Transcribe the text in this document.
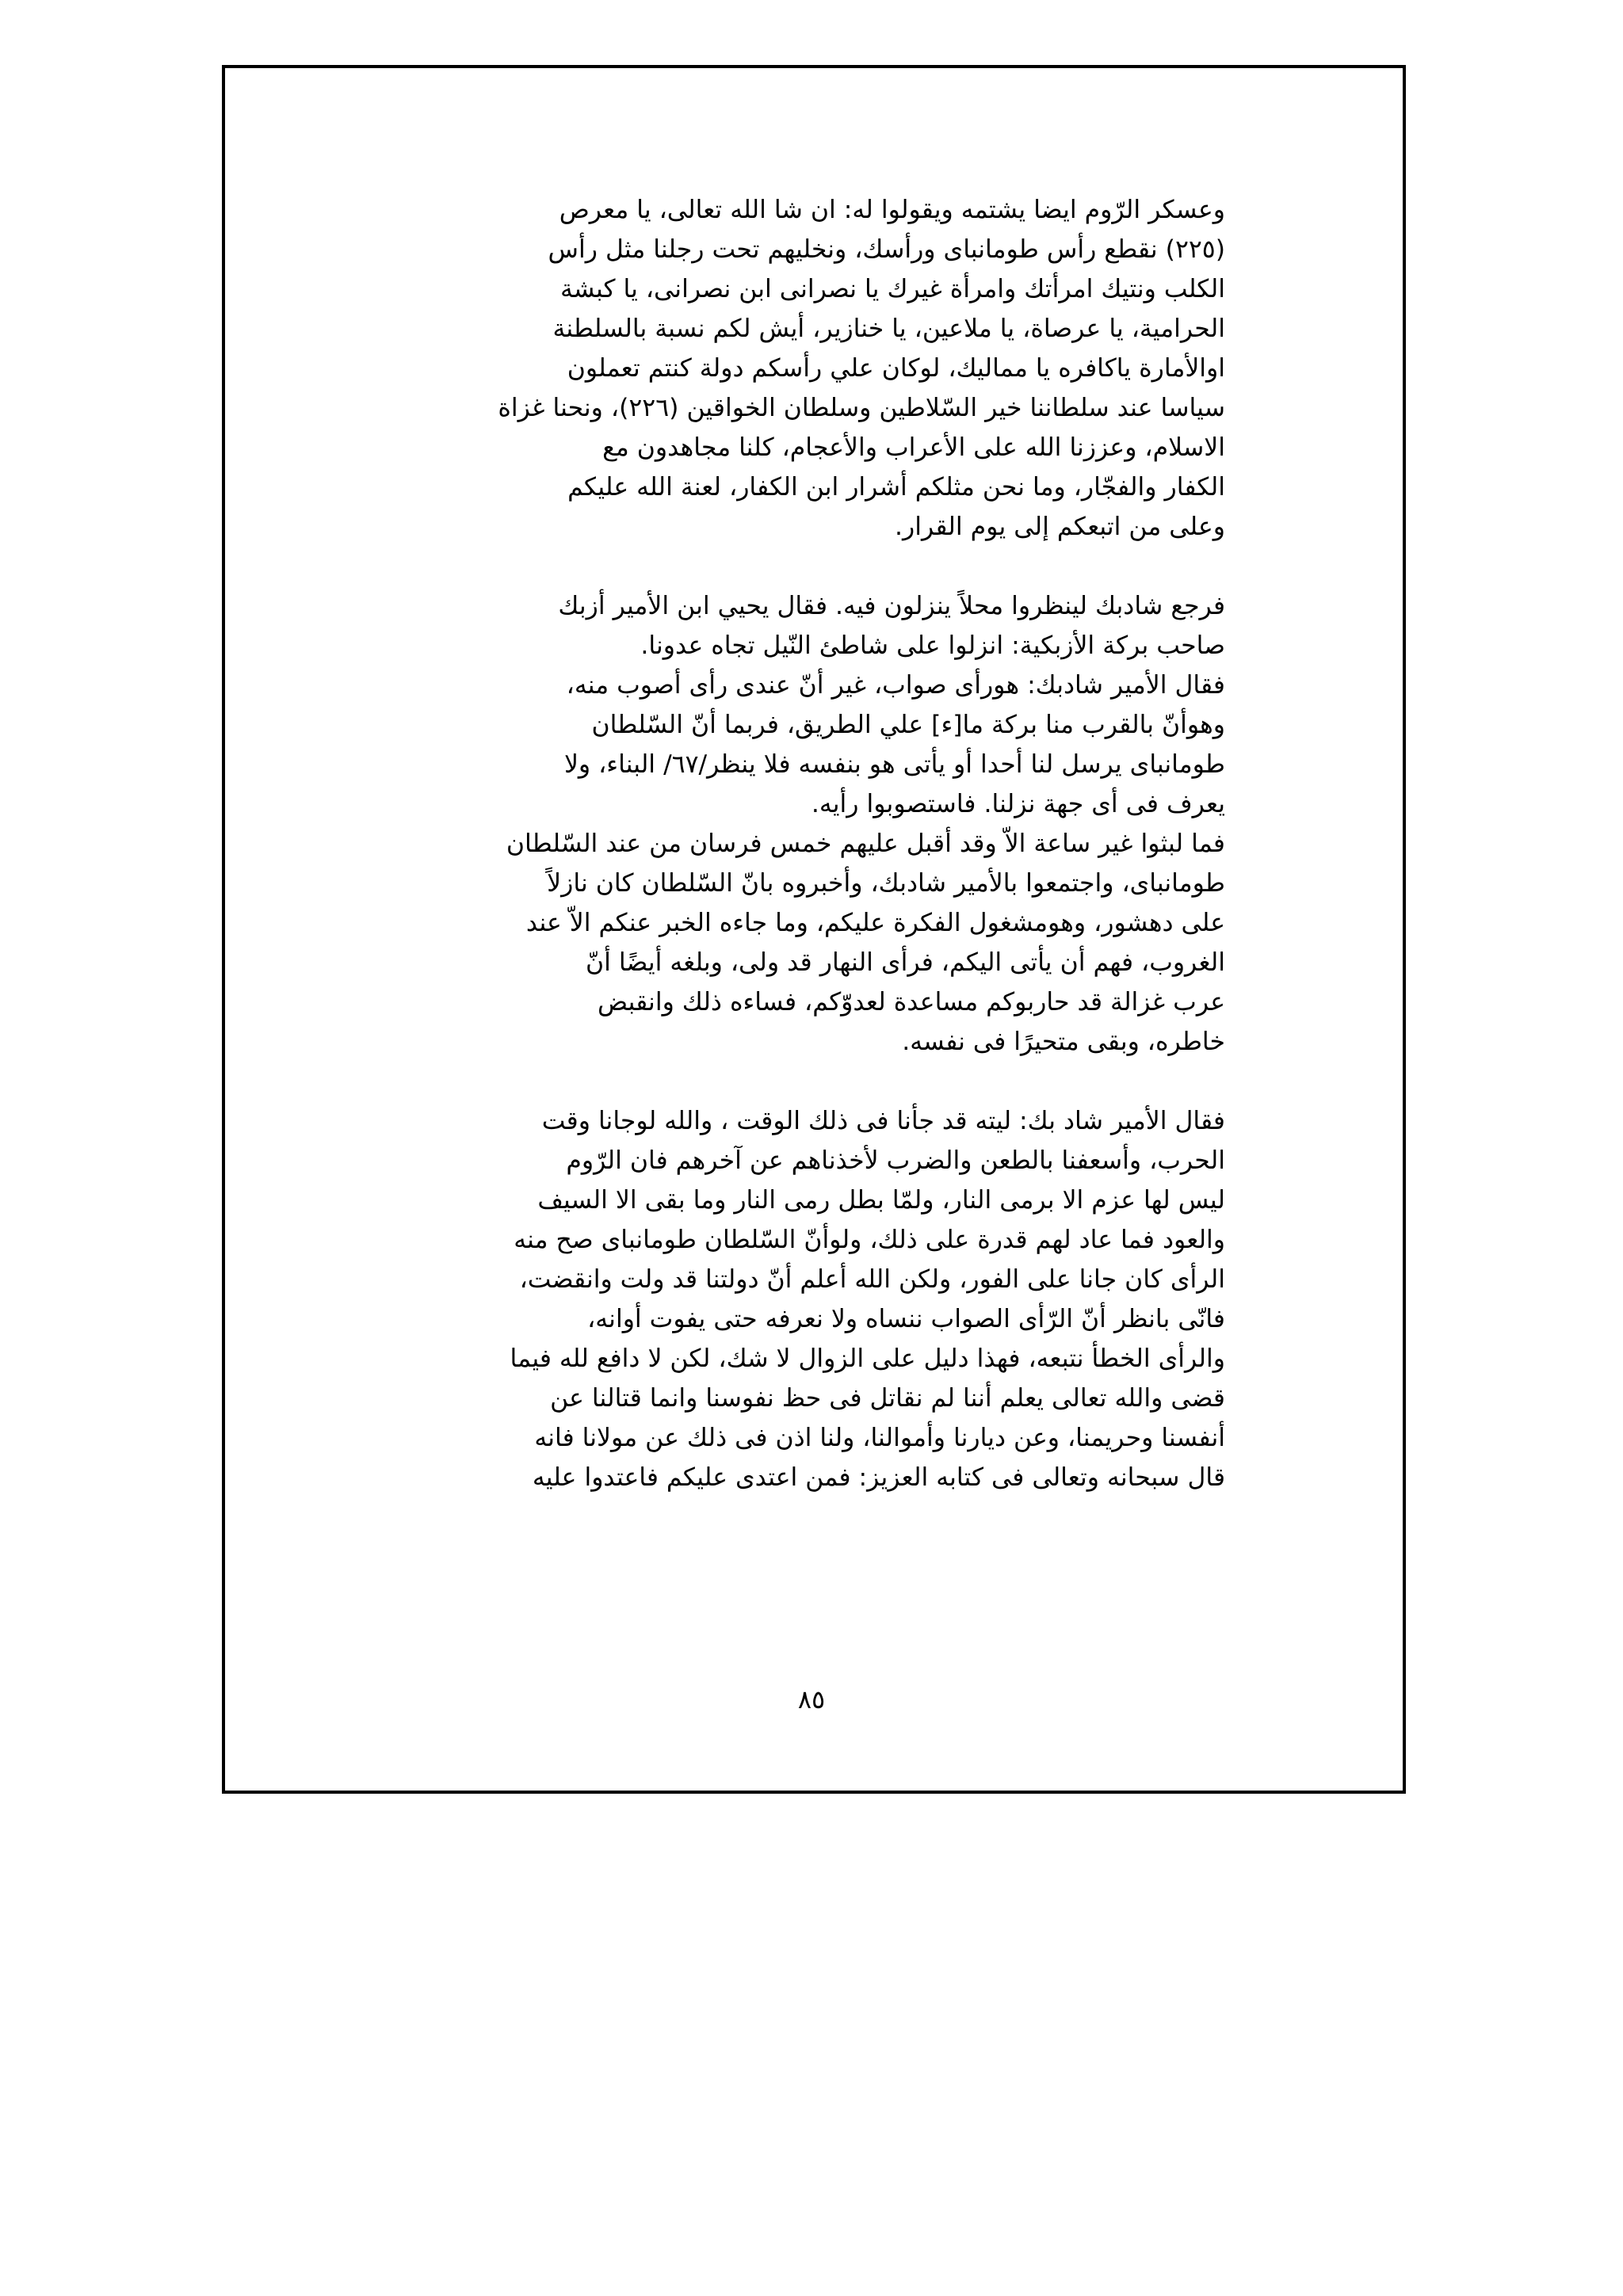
وعسكر الرّوم ايضا يشتمه ويقولوا له: ان شا الله تعالى، يا معرص
(٢٢٥) نقطع رأس طومانباى ورأسك، ونخليهم تحت رجلنا مثل رأس
الكلب ونتيك امرأتك وامرأة غيرك يا نصرانى ابن نصرانى، يا كبشة
الحرامية، يا عرصاة، يا ملاعين، يا خنازير، أيش لكم نسبة بالسلطنة
اوالأمارة ياكافره يا مماليك، لوكان علي رأسكم دولة كنتم تعملون
سياسا عند سلطاننا خير السّلاطين وسلطان الخواقين (٢٢٦)، ونحنا غزاة
الاسلام، وعززنا الله على الأعراب والأعجام، كلنا مجاهدون مع
الكفار والفجّار، وما نحن مثلكم أشرار ابن الكفار، لعنة الله عليكم
وعلى من اتبعكم إلى يوم القرار.
فرجع شادبك لينظروا محلاً ينزلون فيه. فقال يحيي ابن الأمير أزبك
صاحب بركة الأزبكية: انزلوا على شاطئ النّيل تجاه عدونا.
فقال الأمير شادبك: هورأى صواب، غير أنّ عندى رأى أصوب منه،
وهوأنّ بالقرب منا بركة ما[ء] علي الطريق، فربما أنّ السّلطان
طومانباى يرسل لنا أحدا أو يأتى هو بنفسه فلا ينظر/٦٧/ البناء، ولا
يعرف فى أى جهة نزلنا. فاستصوبوا رأيه.
فما لبثوا غير ساعة الاّ وقد أقبل عليهم خمس فرسان من عند السّلطان
طومانباى، واجتمعوا بالأمير شادبك، وأخبروه بانّ السّلطان كان نازلاً
على دهشور، وهومشغول الفكرة عليكم، وما جاءه الخبر عنكم الاّ عند
الغروب، فهم أن يأتى اليكم، فرأى النهار قد ولى، وبلغه أيضًا أنّ
عرب غزالة قد حاربوكم مساعدة لعدوّكم، فساءه ذلك وانقبض
خاطره، وبقى متحيرًا فى نفسه.
فقال الأمير شاد بك: ليته قد جأنا فى ذلك الوقت ، والله لوجانا وقت
الحرب، وأسعفنا بالطعن والضرب لأخذناهم عن آخرهم فان الرّوم
ليس لها عزم الا برمى النار، ولمّا بطل رمى النار وما بقى الا السيف
والعود فما عاد لهم قدرة على ذلك، ولوأنّ السّلطان طومانباى صح منه
الرأى كان جانا على الفور، ولكن الله أعلم أنّ دولتنا قد ولت وانقضت،
فانّى بانظر أنّ الرّأى الصواب ننساه ولا نعرفه حتى يفوت أوانه،
والرأى الخطأ نتبعه، فهذا دليل على الزوال لا شك، لكن لا دافع لله فيما
قضى والله تعالى يعلم أننا لم نقاتل فى حظ نفوسنا وانما قتالنا عن
أنفسنا وحريمنا، وعن ديارنا وأموالنا، ولنا اذن فى ذلك عن مولانا فانه
قال سبحانه وتعالى فى كتابه العزيز: فمن اعتدى عليكم فاعتدوا عليه
٨٥
